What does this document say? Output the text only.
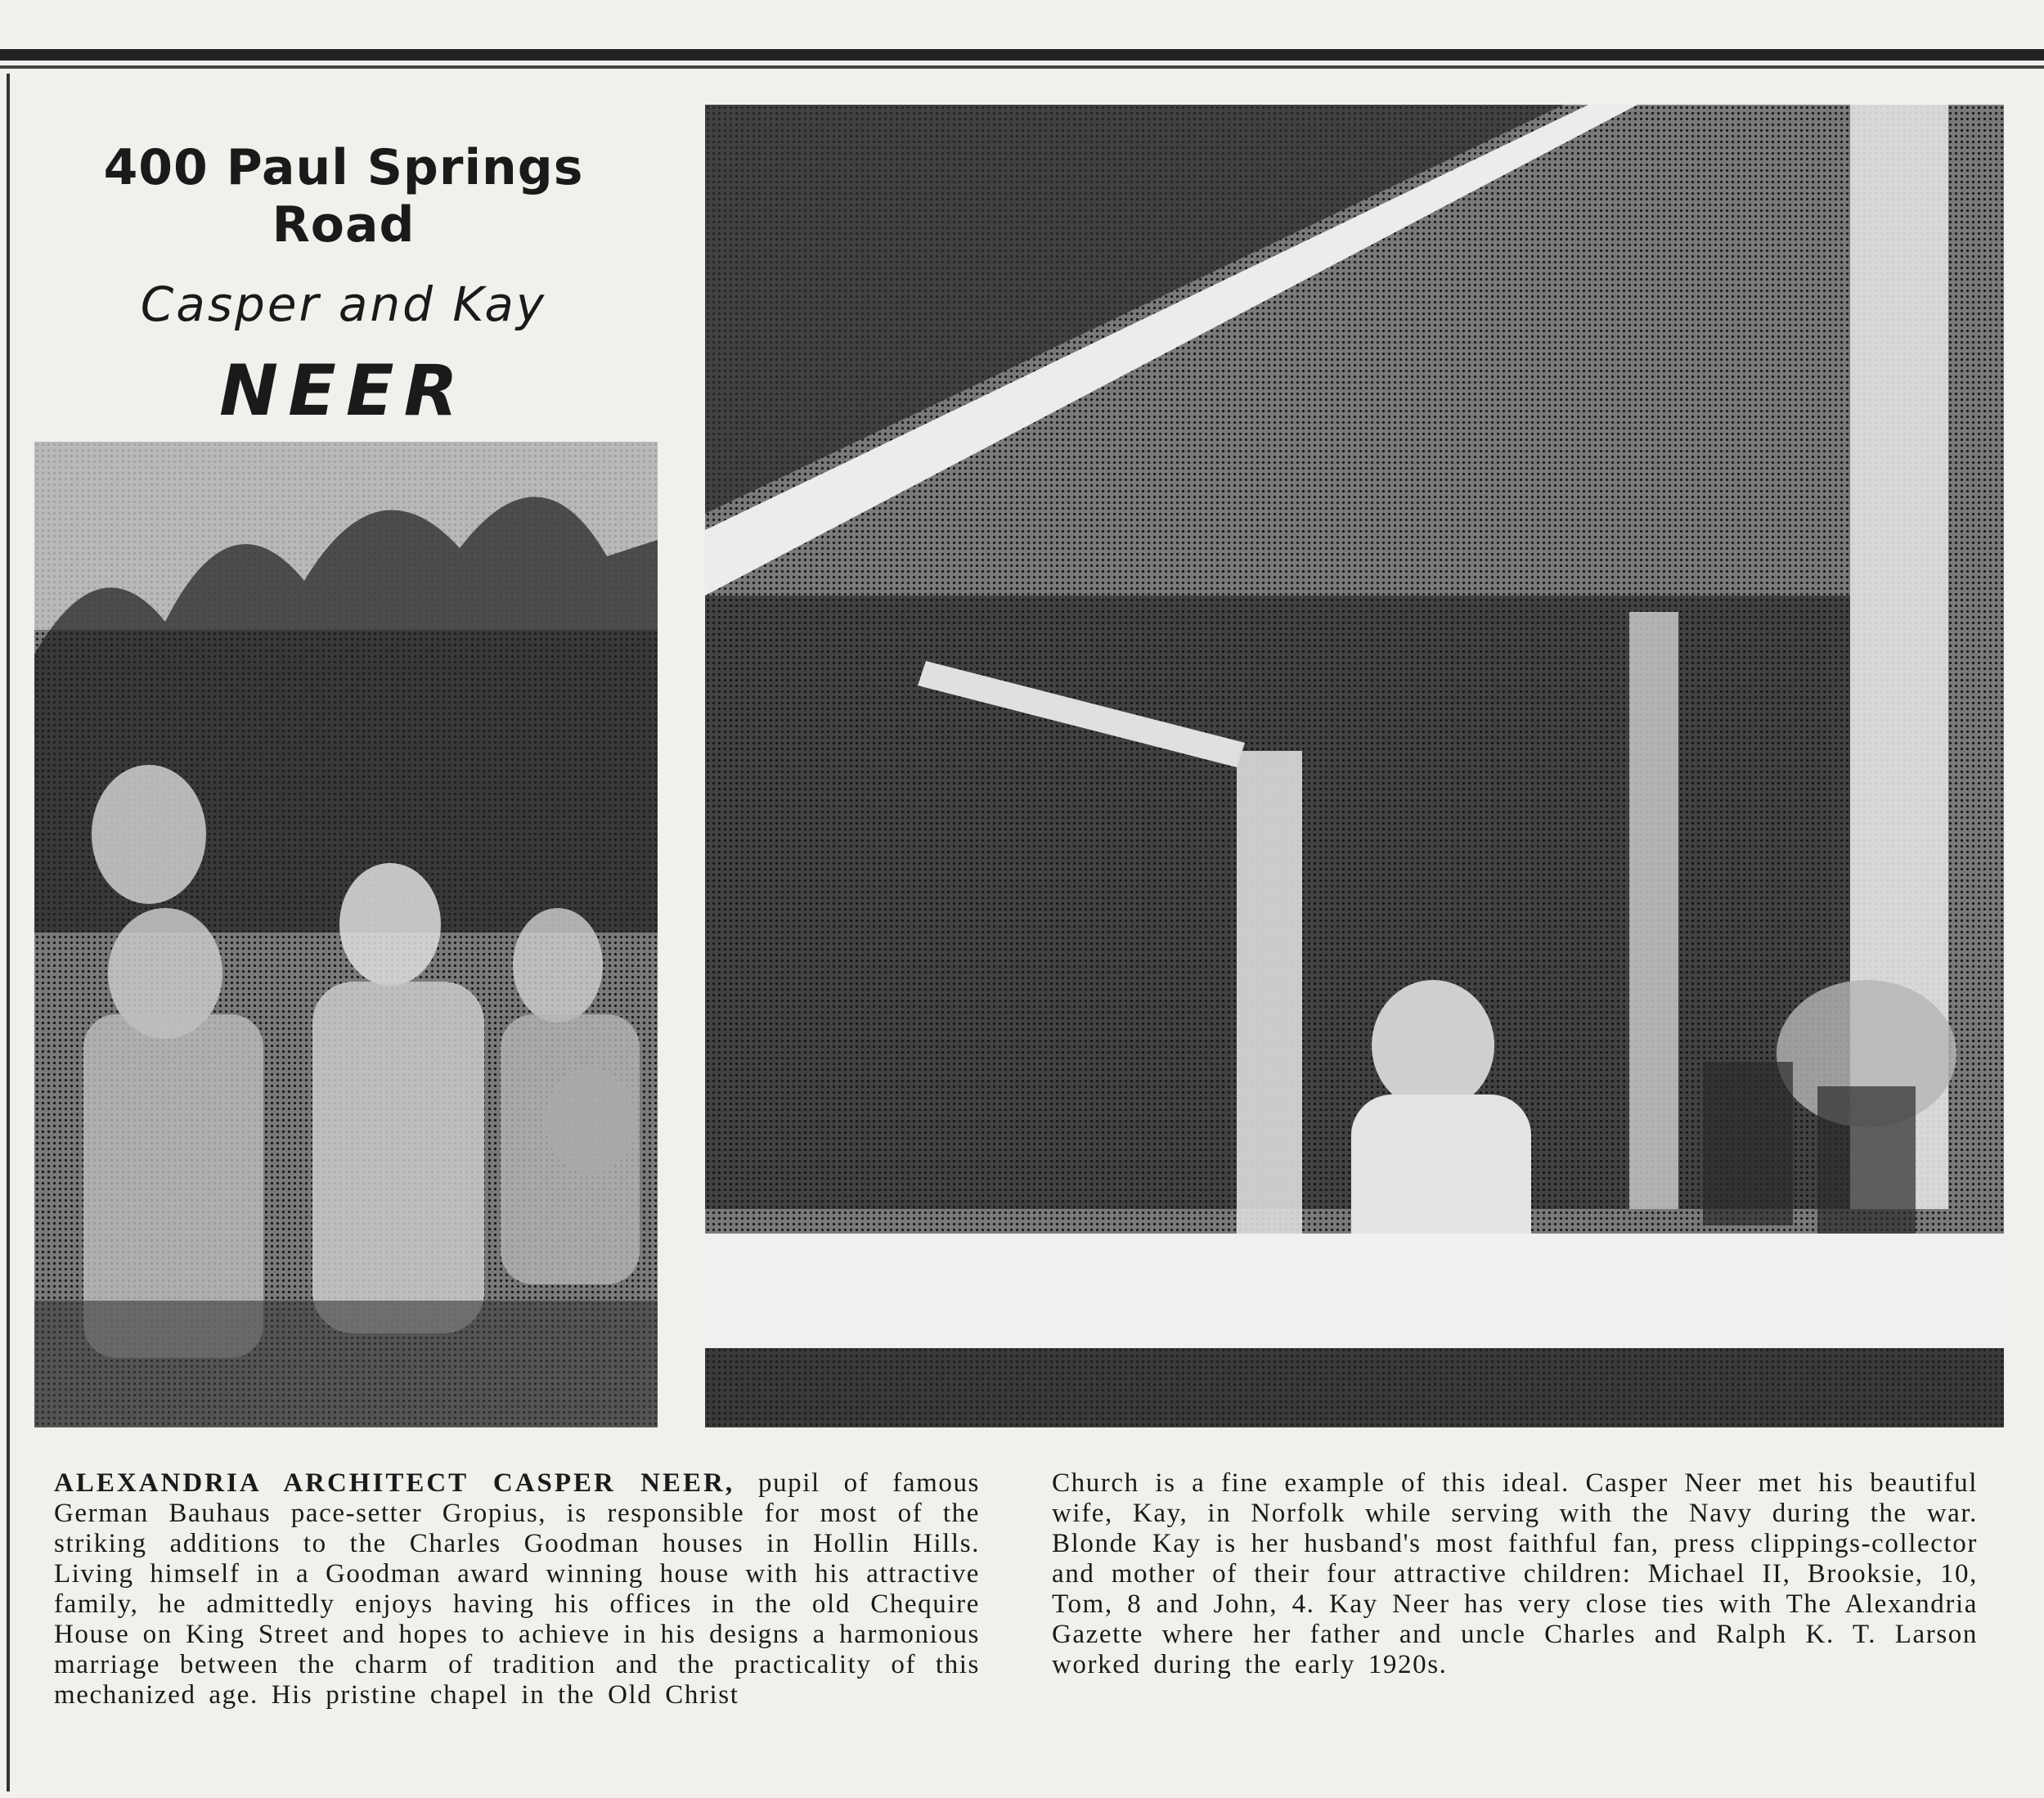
400 Paul Springs Road
Casper and Kay
NEER
ALEXANDRIA ARCHITECT CASPER NEER, pupil of famous German Bauhaus pace-setter Gropius, is responsible for most of the striking additions to the Charles Goodman houses in Hollin Hills. Living himself in a Goodman award winning house with his attractive family, he admittedly enjoys having his offices in the old Chequire House on King Street and hopes to achieve in his designs a harmonious marriage between the charm of tradition and the practicality of this mechanized age. His pristine chapel in the Old Christ
Church is a fine example of this ideal. Casper Neer met his beautiful wife, Kay, in Norfolk while serving with the Navy during the war. Blonde Kay is her husband's most faithful fan, press clippings-collector and mother of their four attractive children: Michael II, Brooksie, 10, Tom, 8 and John, 4. Kay Neer has very close ties with The Alexandria Gazette where her father and uncle Charles and Ralph K. T. Larson worked during the early 1920s.
